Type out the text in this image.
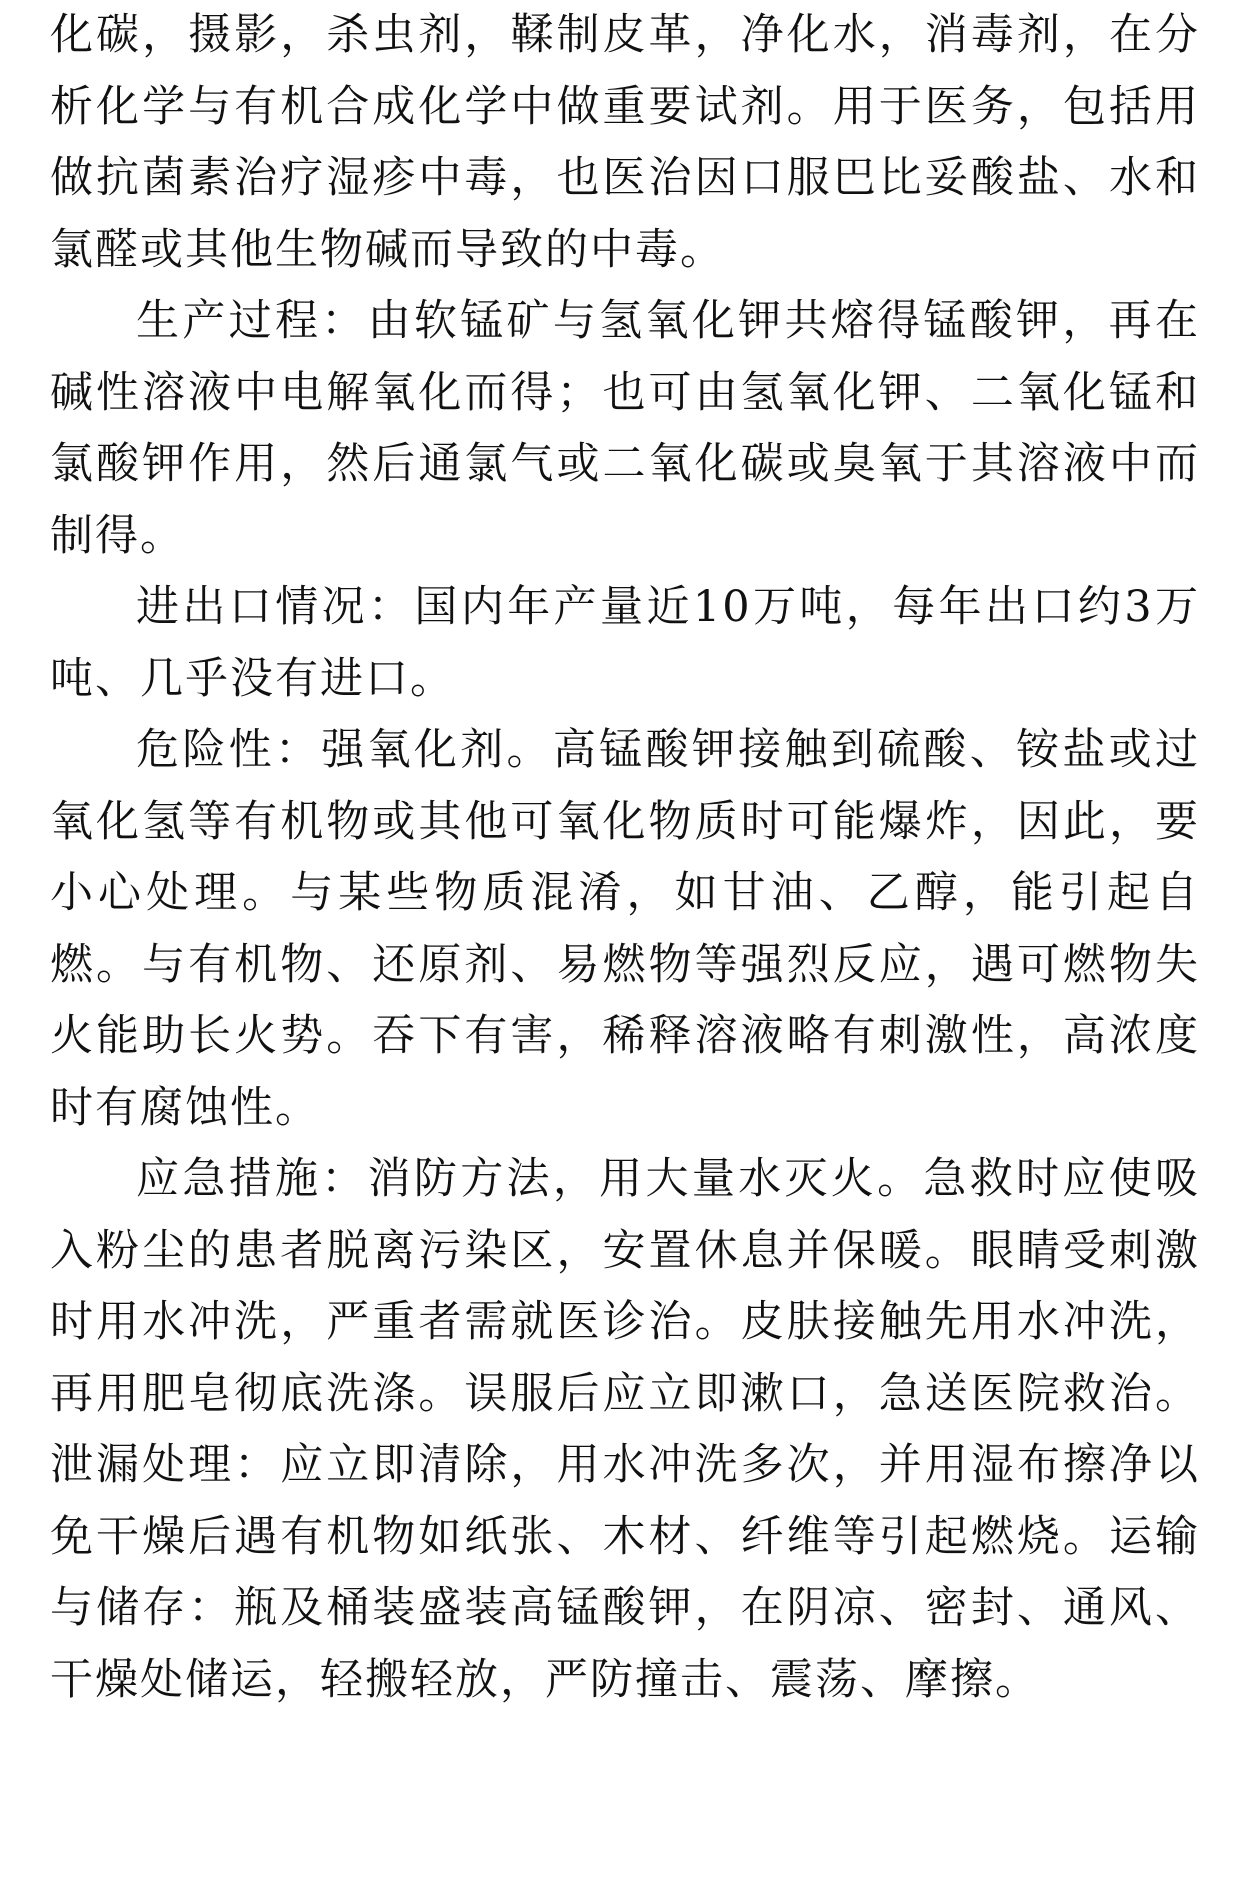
化碳，摄影，杀虫剂，鞣制皮革，净化水，消毒剂，在分析化学与有机合成化学中做重要试剂。用于医务，包括用做抗菌素治疗湿疹中毒，也医治因口服巴比妥酸盐、水和氯醛或其他生物碱而导致的中毒。

生产过程：由软锰矿与氢氧化钾共熔得锰酸钾，再在碱性溶液中电解氧化而得；也可由氢氧化钾、二氧化锰和氯酸钾作用，然后通氯气或二氧化碳或臭氧于其溶液中而制得。

进出口情况：国内年产量近10万吨，每年出口约3万吨、几乎没有进口。

危险性：强氧化剂。高锰酸钾接触到硫酸、铵盐或过氧化氢等有机物或其他可氧化物质时可能爆炸，因此，要小心处理。与某些物质混淆，如甘油、乙醇，能引起自燃。与有机物、还原剂、易燃物等强烈反应，遇可燃物失火能助长火势。吞下有害，稀释溶液略有刺激性，高浓度时有腐蚀性。

应急措施：消防方法，用大量水灭火。急救时应使吸入粉尘的患者脱离污染区，安置休息并保暖。眼睛受刺激时用水冲洗，严重者需就医诊治。皮肤接触先用水冲洗，再用肥皂彻底洗涤。误服后应立即漱口，急送医院救治。泄漏处理：应立即清除，用水冲洗多次，并用湿布擦净以免干燥后遇有机物如纸张、木材、纤维等引起燃烧。运输与储存：瓶及桶装盛装高锰酸钾，在阴凉、密封、通风、干燥处储运，轻搬轻放，严防撞击、震荡、摩擦。
